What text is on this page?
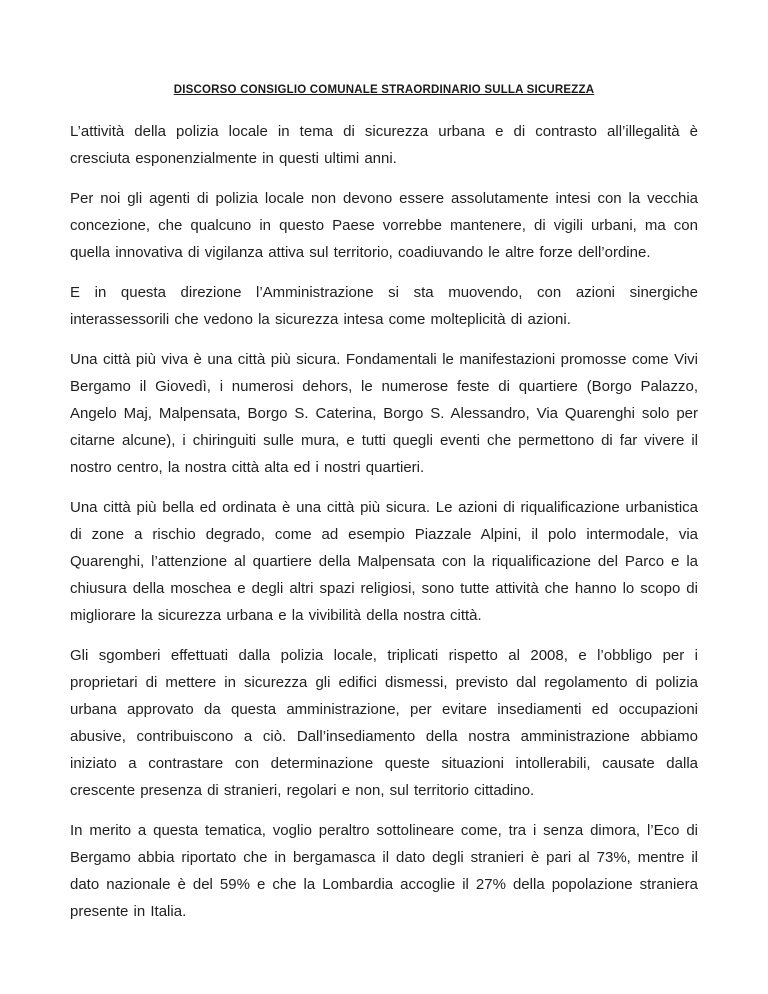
DISCORSO CONSIGLIO COMUNALE STRAORDINARIO SULLA SICUREZZA

L’attività della polizia locale in tema di sicurezza urbana e di contrasto all’illegalità è cresciuta esponenzialmente in questi ultimi anni.

Per noi gli agenti di polizia locale non devono essere assolutamente intesi con la vecchia concezione, che qualcuno in questo Paese vorrebbe mantenere, di vigili urbani, ma con quella innovativa di vigilanza attiva sul territorio, coadiuvando le altre forze dell’ordine.

E in questa direzione l’Amministrazione si sta muovendo, con azioni sinergiche interassessorili che vedono la sicurezza intesa come molteplicità di azioni.

Una città più viva è una città più sicura. Fondamentali le manifestazioni promosse come Vivi Bergamo il Giovedì, i numerosi dehors, le numerose feste di quartiere (Borgo Palazzo, Angelo Maj, Malpensata, Borgo S. Caterina, Borgo S. Alessandro, Via Quarenghi solo per citarne alcune), i chiringuiti sulle mura, e tutti quegli eventi che permettono di far vivere il nostro centro, la nostra città alta ed i nostri quartieri.

Una città più bella ed ordinata è una città più sicura. Le azioni di riqualificazione urbanistica di zone a rischio degrado, come ad esempio Piazzale Alpini, il polo intermodale, via Quarenghi, l’attenzione al quartiere della Malpensata con la riqualificazione del Parco e la chiusura della moschea e degli altri spazi religiosi, sono tutte attività che hanno lo scopo di migliorare la sicurezza urbana e la vivibilità della nostra città.

Gli sgomberi effettuati dalla polizia locale, triplicati rispetto al 2008, e l’obbligo per i proprietari di mettere in sicurezza gli edifici dismessi, previsto dal regolamento di polizia urbana approvato da questa amministrazione, per evitare insediamenti ed occupazioni abusive, contribuiscono a ciò. Dall’insediamento della nostra amministrazione abbiamo iniziato a contrastare con determinazione queste situazioni intollerabili, causate dalla crescente presenza di stranieri, regolari e non, sul territorio cittadino.

In merito a questa tematica, voglio peraltro sottolineare come, tra i senza dimora, l’Eco di Bergamo abbia riportato che in bergamasca il dato degli stranieri è pari al 73%, mentre il dato nazionale è del 59% e che la Lombardia accoglie il 27% della popolazione straniera presente in Italia.
